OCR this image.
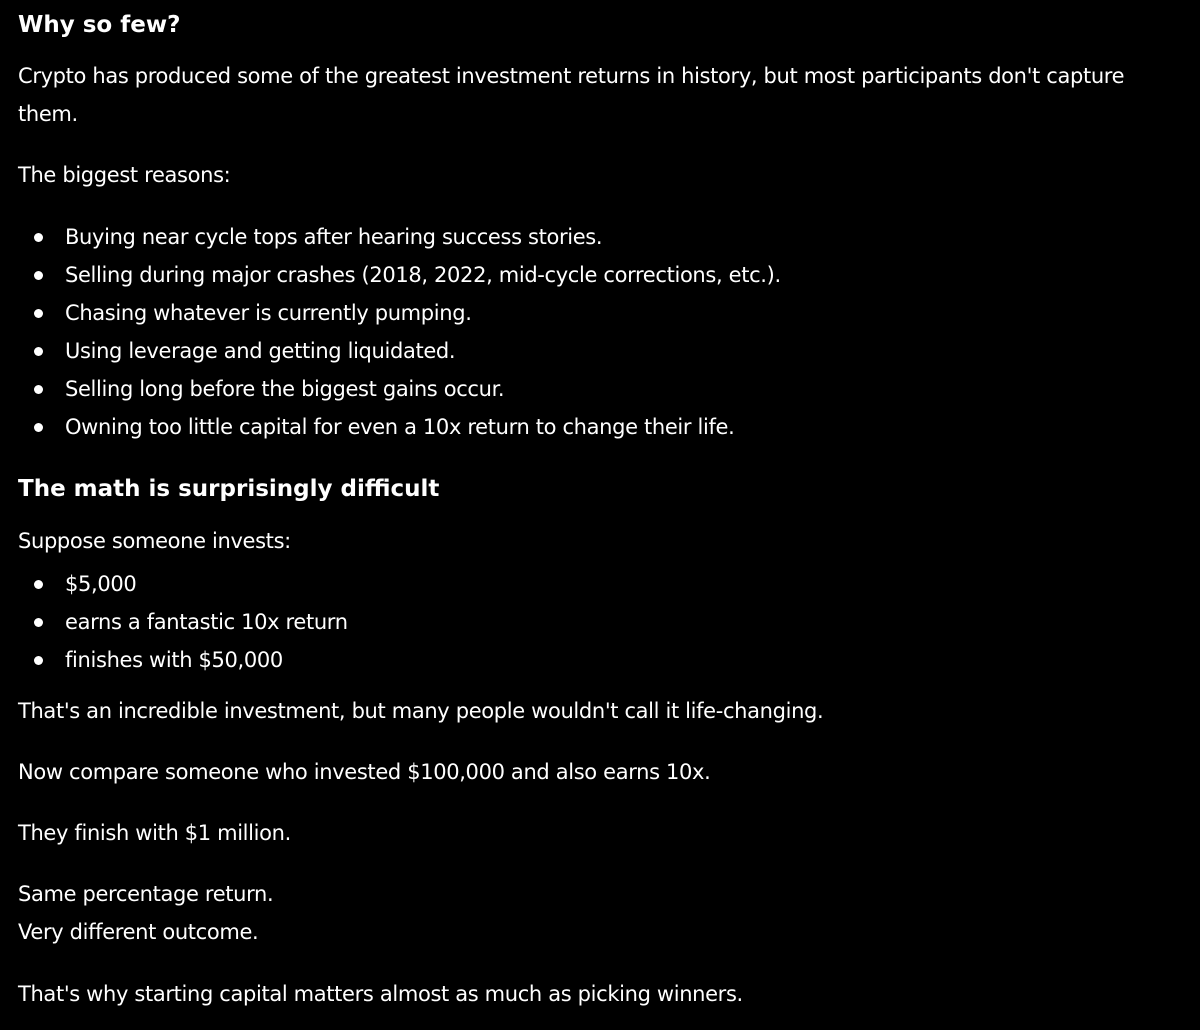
Why so few?

Crypto has produced some of the greatest investment returns in history, but most participants don't capture them.

The biggest reasons:

Buying near cycle tops after hearing success stories.
Selling during major crashes (2018, 2022, mid-cycle corrections, etc.).
Chasing whatever is currently pumping.
Using leverage and getting liquidated.
Selling long before the biggest gains occur.
Owning too little capital for even a 10x return to change their life.
The math is surprisingly difficult

Suppose someone invests:

$5,000
earns a fantastic 10x return
finishes with $50,000

That's an incredible investment, but many people wouldn't call it life-changing.

Now compare someone who invested $100,000 and also earns 10x.

They finish with $1 million.

Same percentage return.

Very different outcome.

That's why starting capital matters almost as much as picking winners.
